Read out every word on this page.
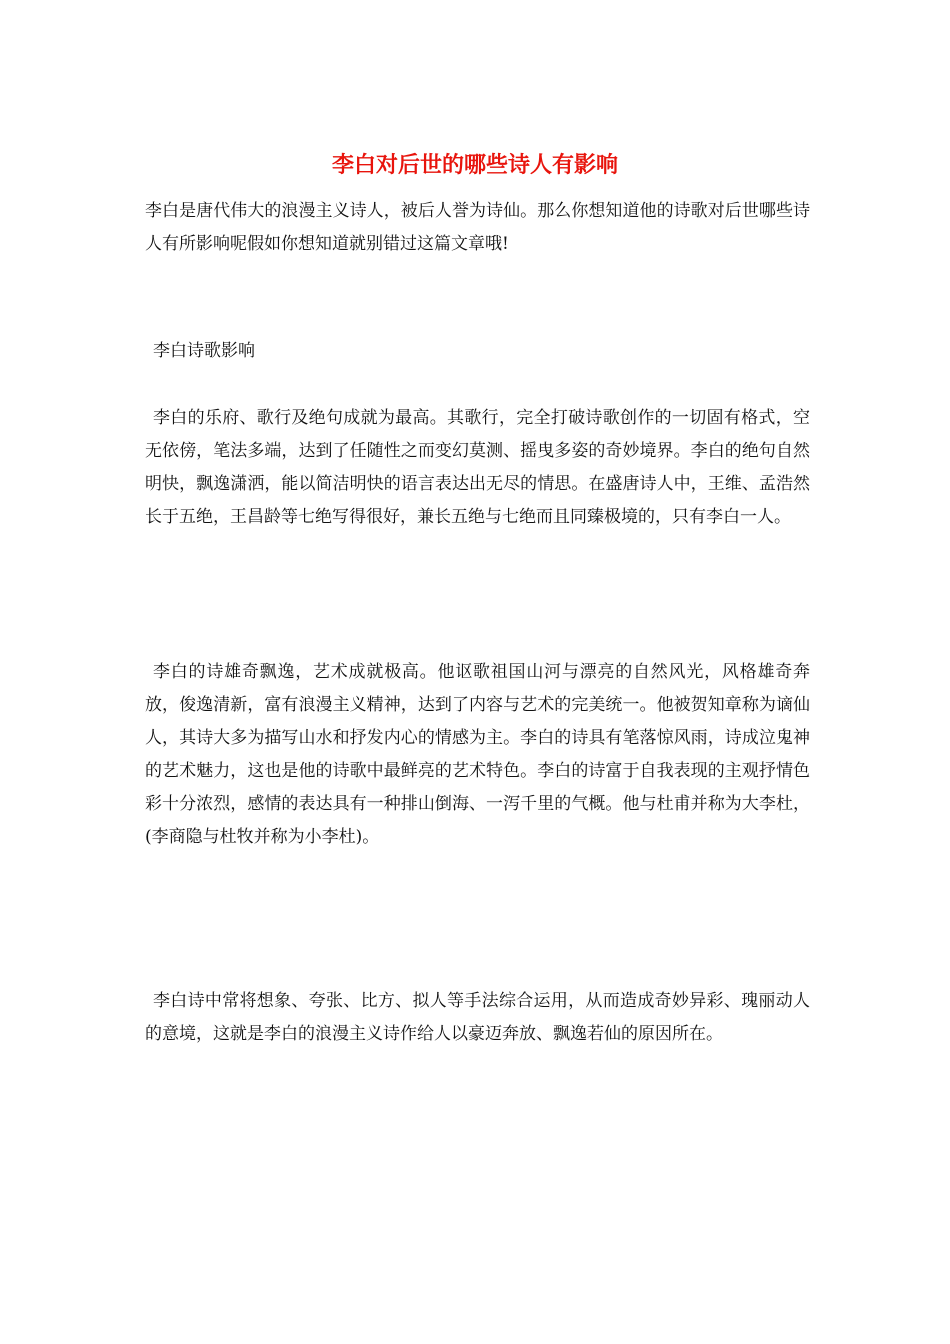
李白对后世的哪些诗人有影响

李白是唐代伟大的浪漫主义诗人，被后人誉为诗仙。那么你想知道他的诗歌对后世哪些诗人有所影响呢假如你想知道就别错过这篇文章哦!

李白诗歌影响

李白的乐府、歌行及绝句成就为最高。其歌行，完全打破诗歌创作的一切固有格式，空无依傍，笔法多端，达到了任随性之而变幻莫测、摇曳多姿的奇妙境界。李白的绝句自然明快，飘逸潇洒，能以简洁明快的语言表达出无尽的情思。在盛唐诗人中，王维、孟浩然长于五绝，王昌龄等七绝写得很好，兼长五绝与七绝而且同臻极境的，只有李白一人。

李白的诗雄奇飘逸，艺术成就极高。他讴歌祖国山河与漂亮的自然风光，风格雄奇奔放，俊逸清新，富有浪漫主义精神，达到了内容与艺术的完美统一。他被贺知章称为谪仙人，其诗大多为描写山水和抒发内心的情感为主。李白的诗具有笔落惊风雨，诗成泣鬼神的艺术魅力，这也是他的诗歌中最鲜亮的艺术特色。李白的诗富于自我表现的主观抒情色彩十分浓烈，感情的表达具有一种排山倒海、一泻千里的气概。他与杜甫并称为大李杜，(李商隐与杜牧并称为小李杜)。

李白诗中常将想象、夸张、比方、拟人等手法综合运用，从而造成奇妙异彩、瑰丽动人的意境，这就是李白的浪漫主义诗作给人以豪迈奔放、飘逸若仙的原因所在。
